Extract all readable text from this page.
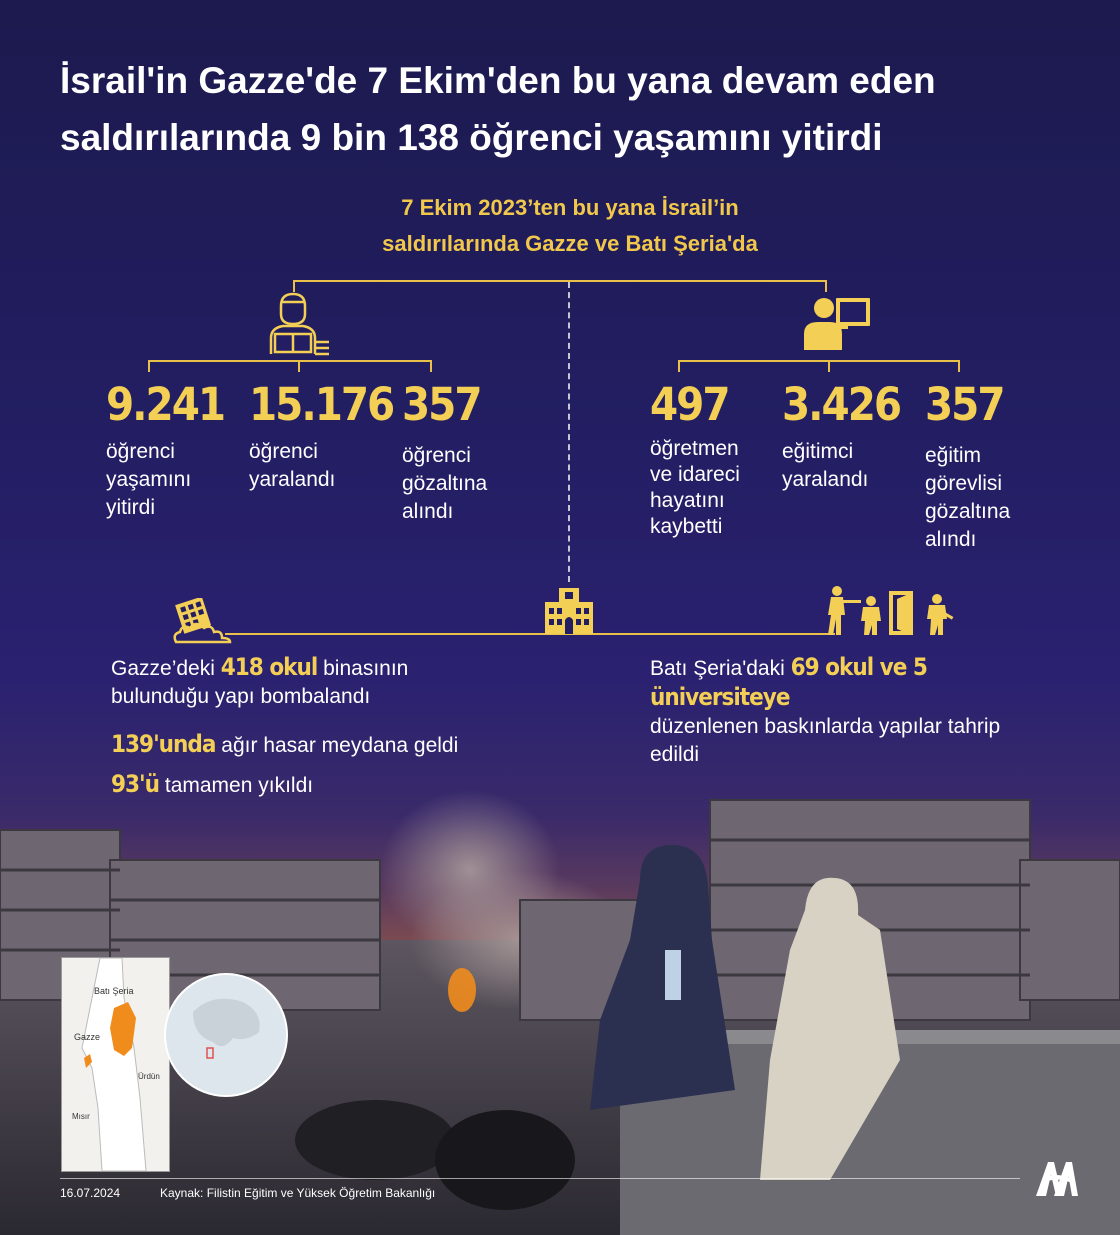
İsrail'in Gazze'de 7 Ekim'den bu yana devam eden
saldırılarında 9 bin 138 öğrenci yaşamını yitirdi
7 Ekim 2023’ten bu yana İsrail’in
saldırılarında Gazze ve Batı Şeria'da
9.241
öğrenci
yaşamını
yitirdi
15.176
öğrenci
yaralandı
357
öğrenci
gözaltına
alındı
497
öğretmen
ve idareci
hayatını
kaybetti
3.426
eğitimci
yaralandı
357
eğitim
görevlisi
gözaltına
alındı
Gazze’deki 418 okul binasının
bulunduğu yapı bombalandı
139'unda ağır hasar meydana geldi
93'ü tamamen yıkıldı
Batı Şeria'daki 69 okul ve 5 üniversiteye
düzenlenen baskınlarda yapılar tahrip
edildi
Batı Şeria
Gazze
Ürdün
Mısır
16.07.2024	Kaynak: Filistin Eğitim ve Yüksek Öğretim Bakanlığı
